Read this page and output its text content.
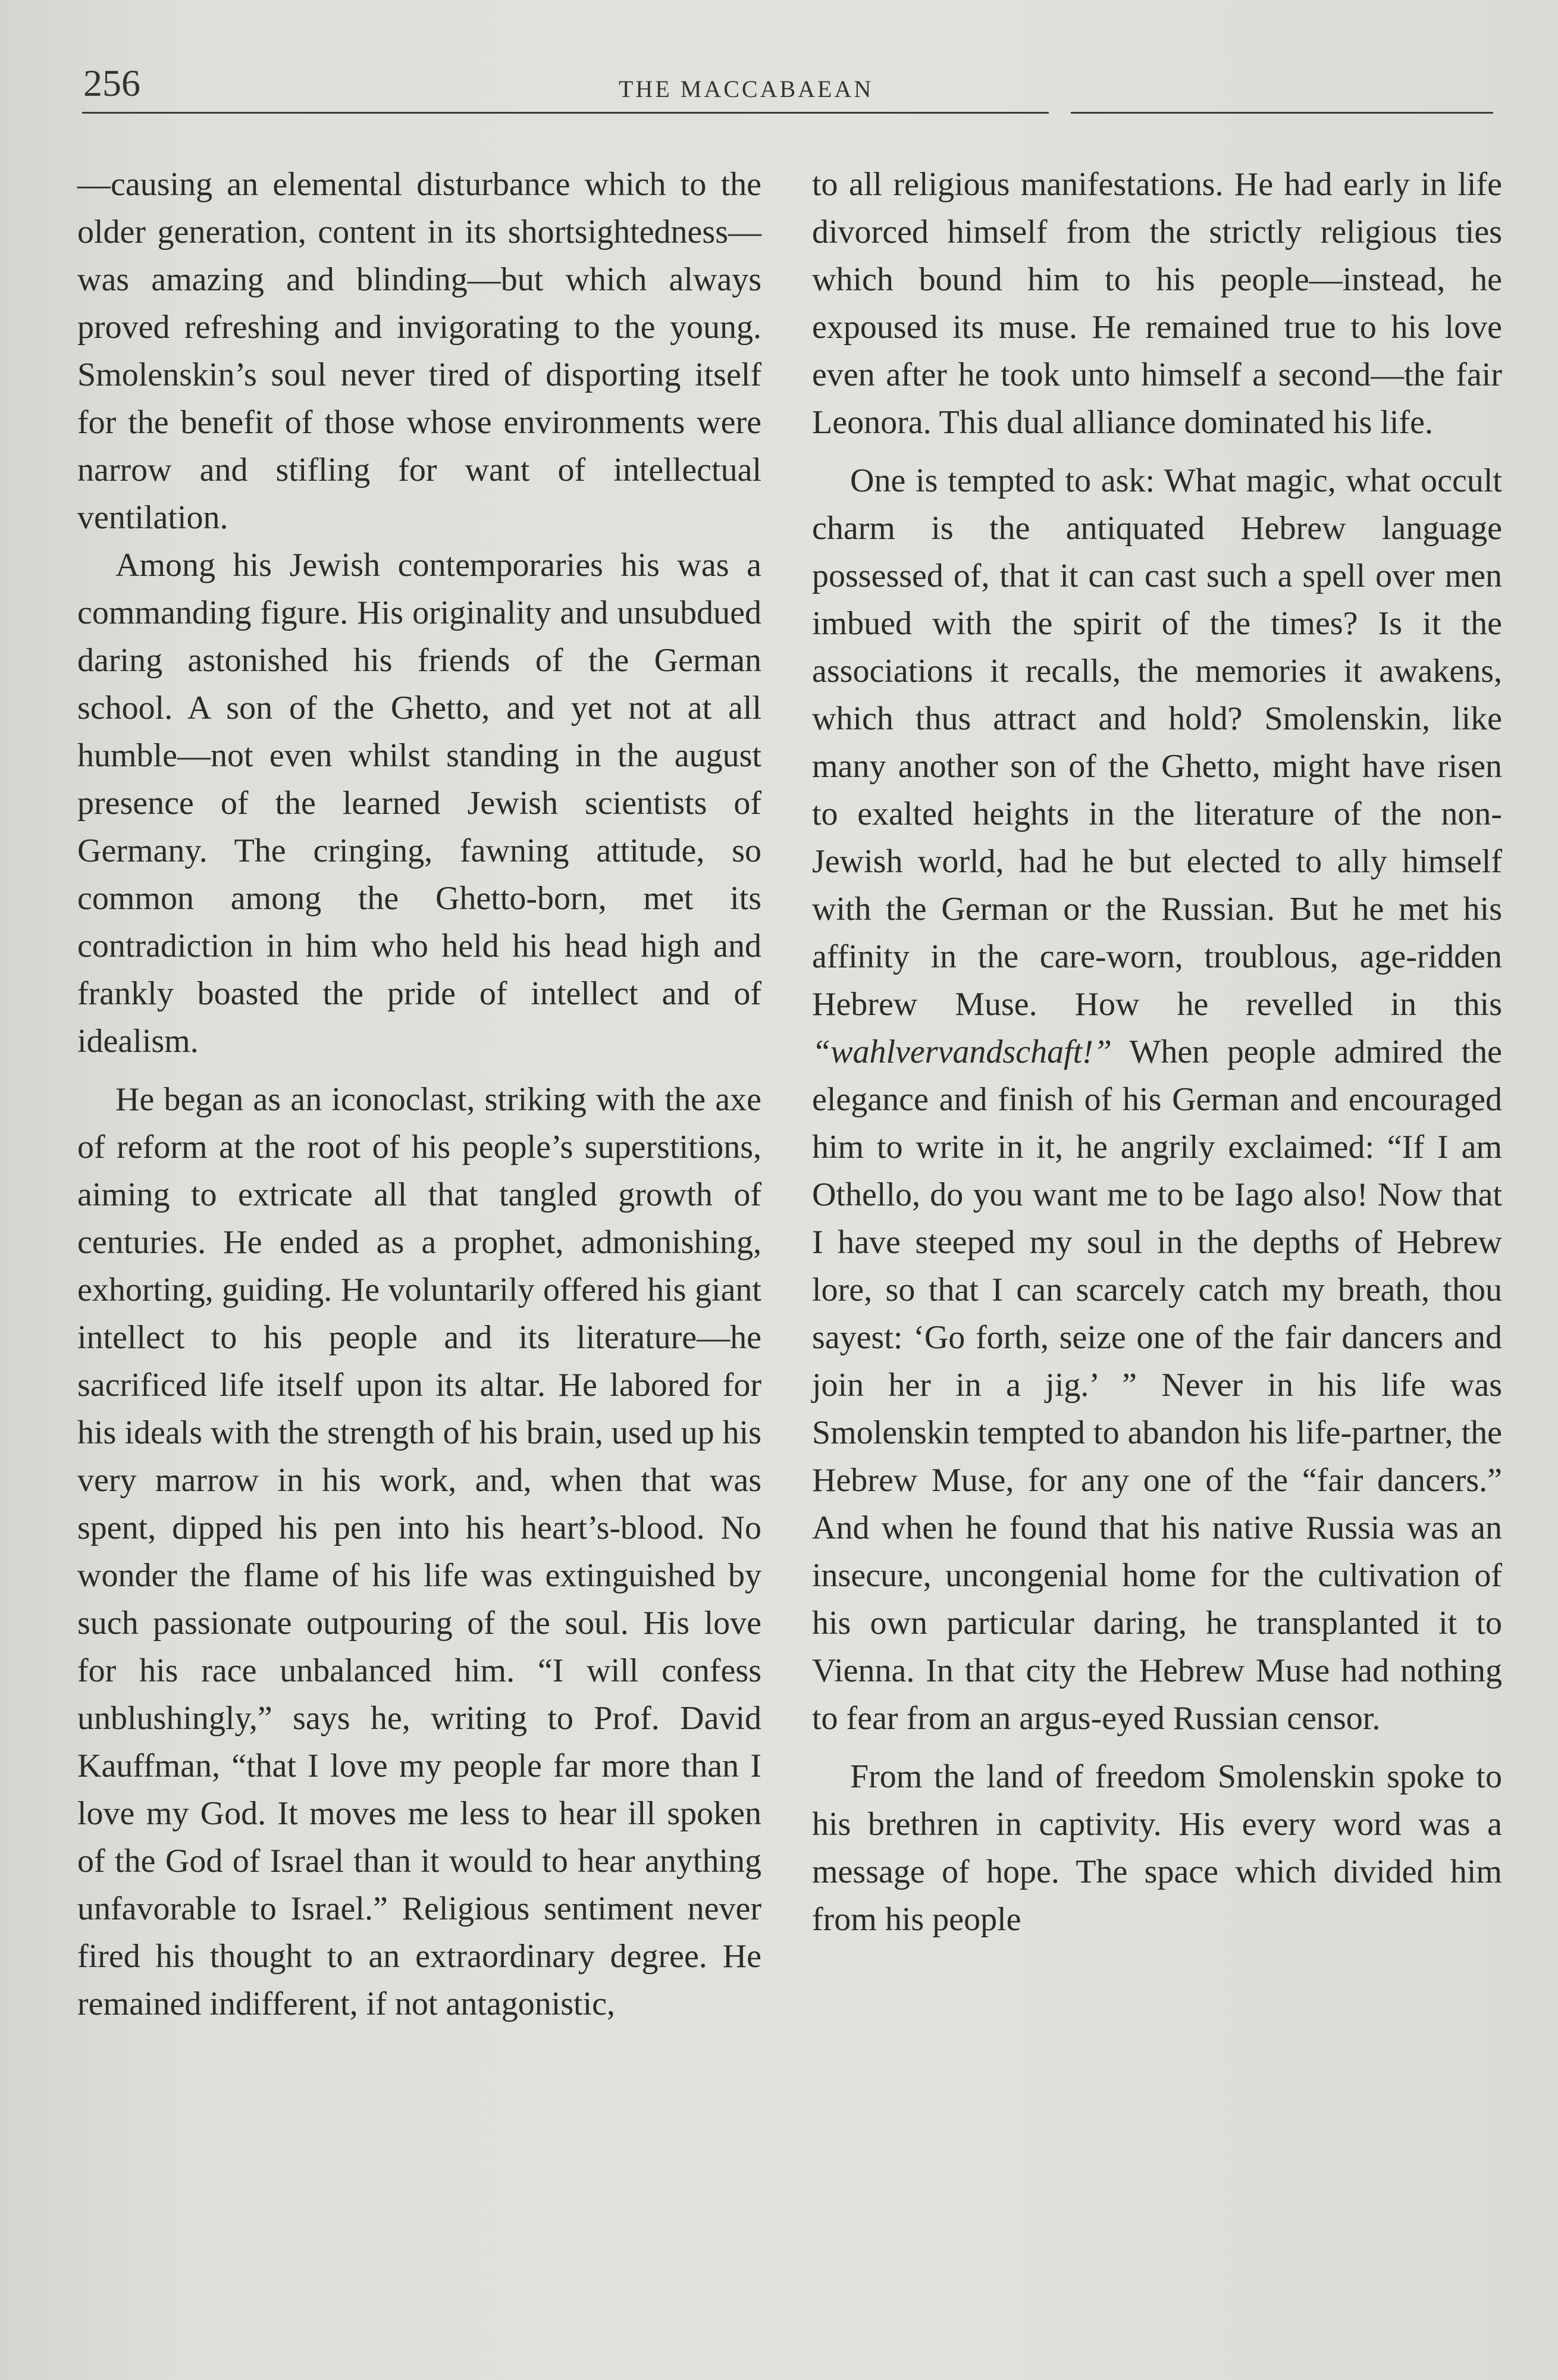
256	THE MACCABAEAN

—causing an elemental disturbance which to the older generation, content in its shortsightedness—was amazing and blinding—but which always proved refreshing and invigorating to the young. Smolenskin’s soul never tired of disporting itself for the benefit of those whose environments were narrow and stifling for want of intellectual ventilation.

Among his Jewish contemporaries his was a commanding figure. His originality and unsubdued daring astonished his friends of the German school. A son of the Ghetto, and yet not at all humble—not even whilst standing in the august presence of the learned Jewish scientists of Germany. The cringing, fawning attitude, so common among the Ghetto-born, met its contradiction in him who held his head high and frankly boasted the pride of intellect and of idealism.

He began as an iconoclast, striking with the axe of reform at the root of his people’s superstitions, aiming to extricate all that tangled growth of centuries. He ended as a prophet, admonishing, exhorting, guiding. He voluntarily offered his giant intellect to his people and its literature—he sacrificed life itself upon its altar. He labored for his ideals with the strength of his brain, used up his very marrow in his work, and, when that was spent, dipped his pen into his heart’s-blood. No wonder the flame of his life was extinguished by such passionate outpouring of the soul. His love for his race unbalanced him. “I will confess unblushingly,” says he, writing to Prof. David Kauffman, “that I love my people far more than I love my God. It moves me less to hear ill spoken of the God of Israel than it would to hear anything unfavorable to Israel.” Religious sentiment never fired his thought to an extraordinary degree. He remained indifferent, if not antagonistic,

to all religious manifestations. He had early in life divorced himself from the strictly religious ties which bound him to his people—instead, he expoused its muse. He remained true to his love even after he took unto himself a second—the fair Leonora. This dual alliance dominated his life.

One is tempted to ask: What magic, what occult charm is the antiquated Hebrew language possessed of, that it can cast such a spell over men imbued with the spirit of the times? Is it the associations it recalls, the memories it awakens, which thus attract and hold? Smolenskin, like many another son of the Ghetto, might have risen to exalted heights in the literature of the non-Jewish world, had he but elected to ally himself with the German or the Russian. But he met his affinity in the care-worn, troublous, age-ridden Hebrew Muse. How he revelled in this “wahlvervandschaft!” When people admired the elegance and finish of his German and encouraged him to write in it, he angrily exclaimed: “If I am Othello, do you want me to be Iago also! Now that I have steeped my soul in the depths of Hebrew lore, so that I can scarcely catch my breath, thou sayest: ‘Go forth, seize one of the fair dancers and join her in a jig.’ ” Never in his life was Smolenskin tempted to abandon his life-partner, the Hebrew Muse, for any one of the “fair dancers.” And when he found that his native Russia was an insecure, uncongenial home for the cultivation of his own particular daring, he transplanted it to Vienna. In that city the Hebrew Muse had nothing to fear from an argus-eyed Russian censor.

From the land of freedom Smolenskin spoke to his brethren in captivity. His every word was a message of hope. The space which divided him from his people
